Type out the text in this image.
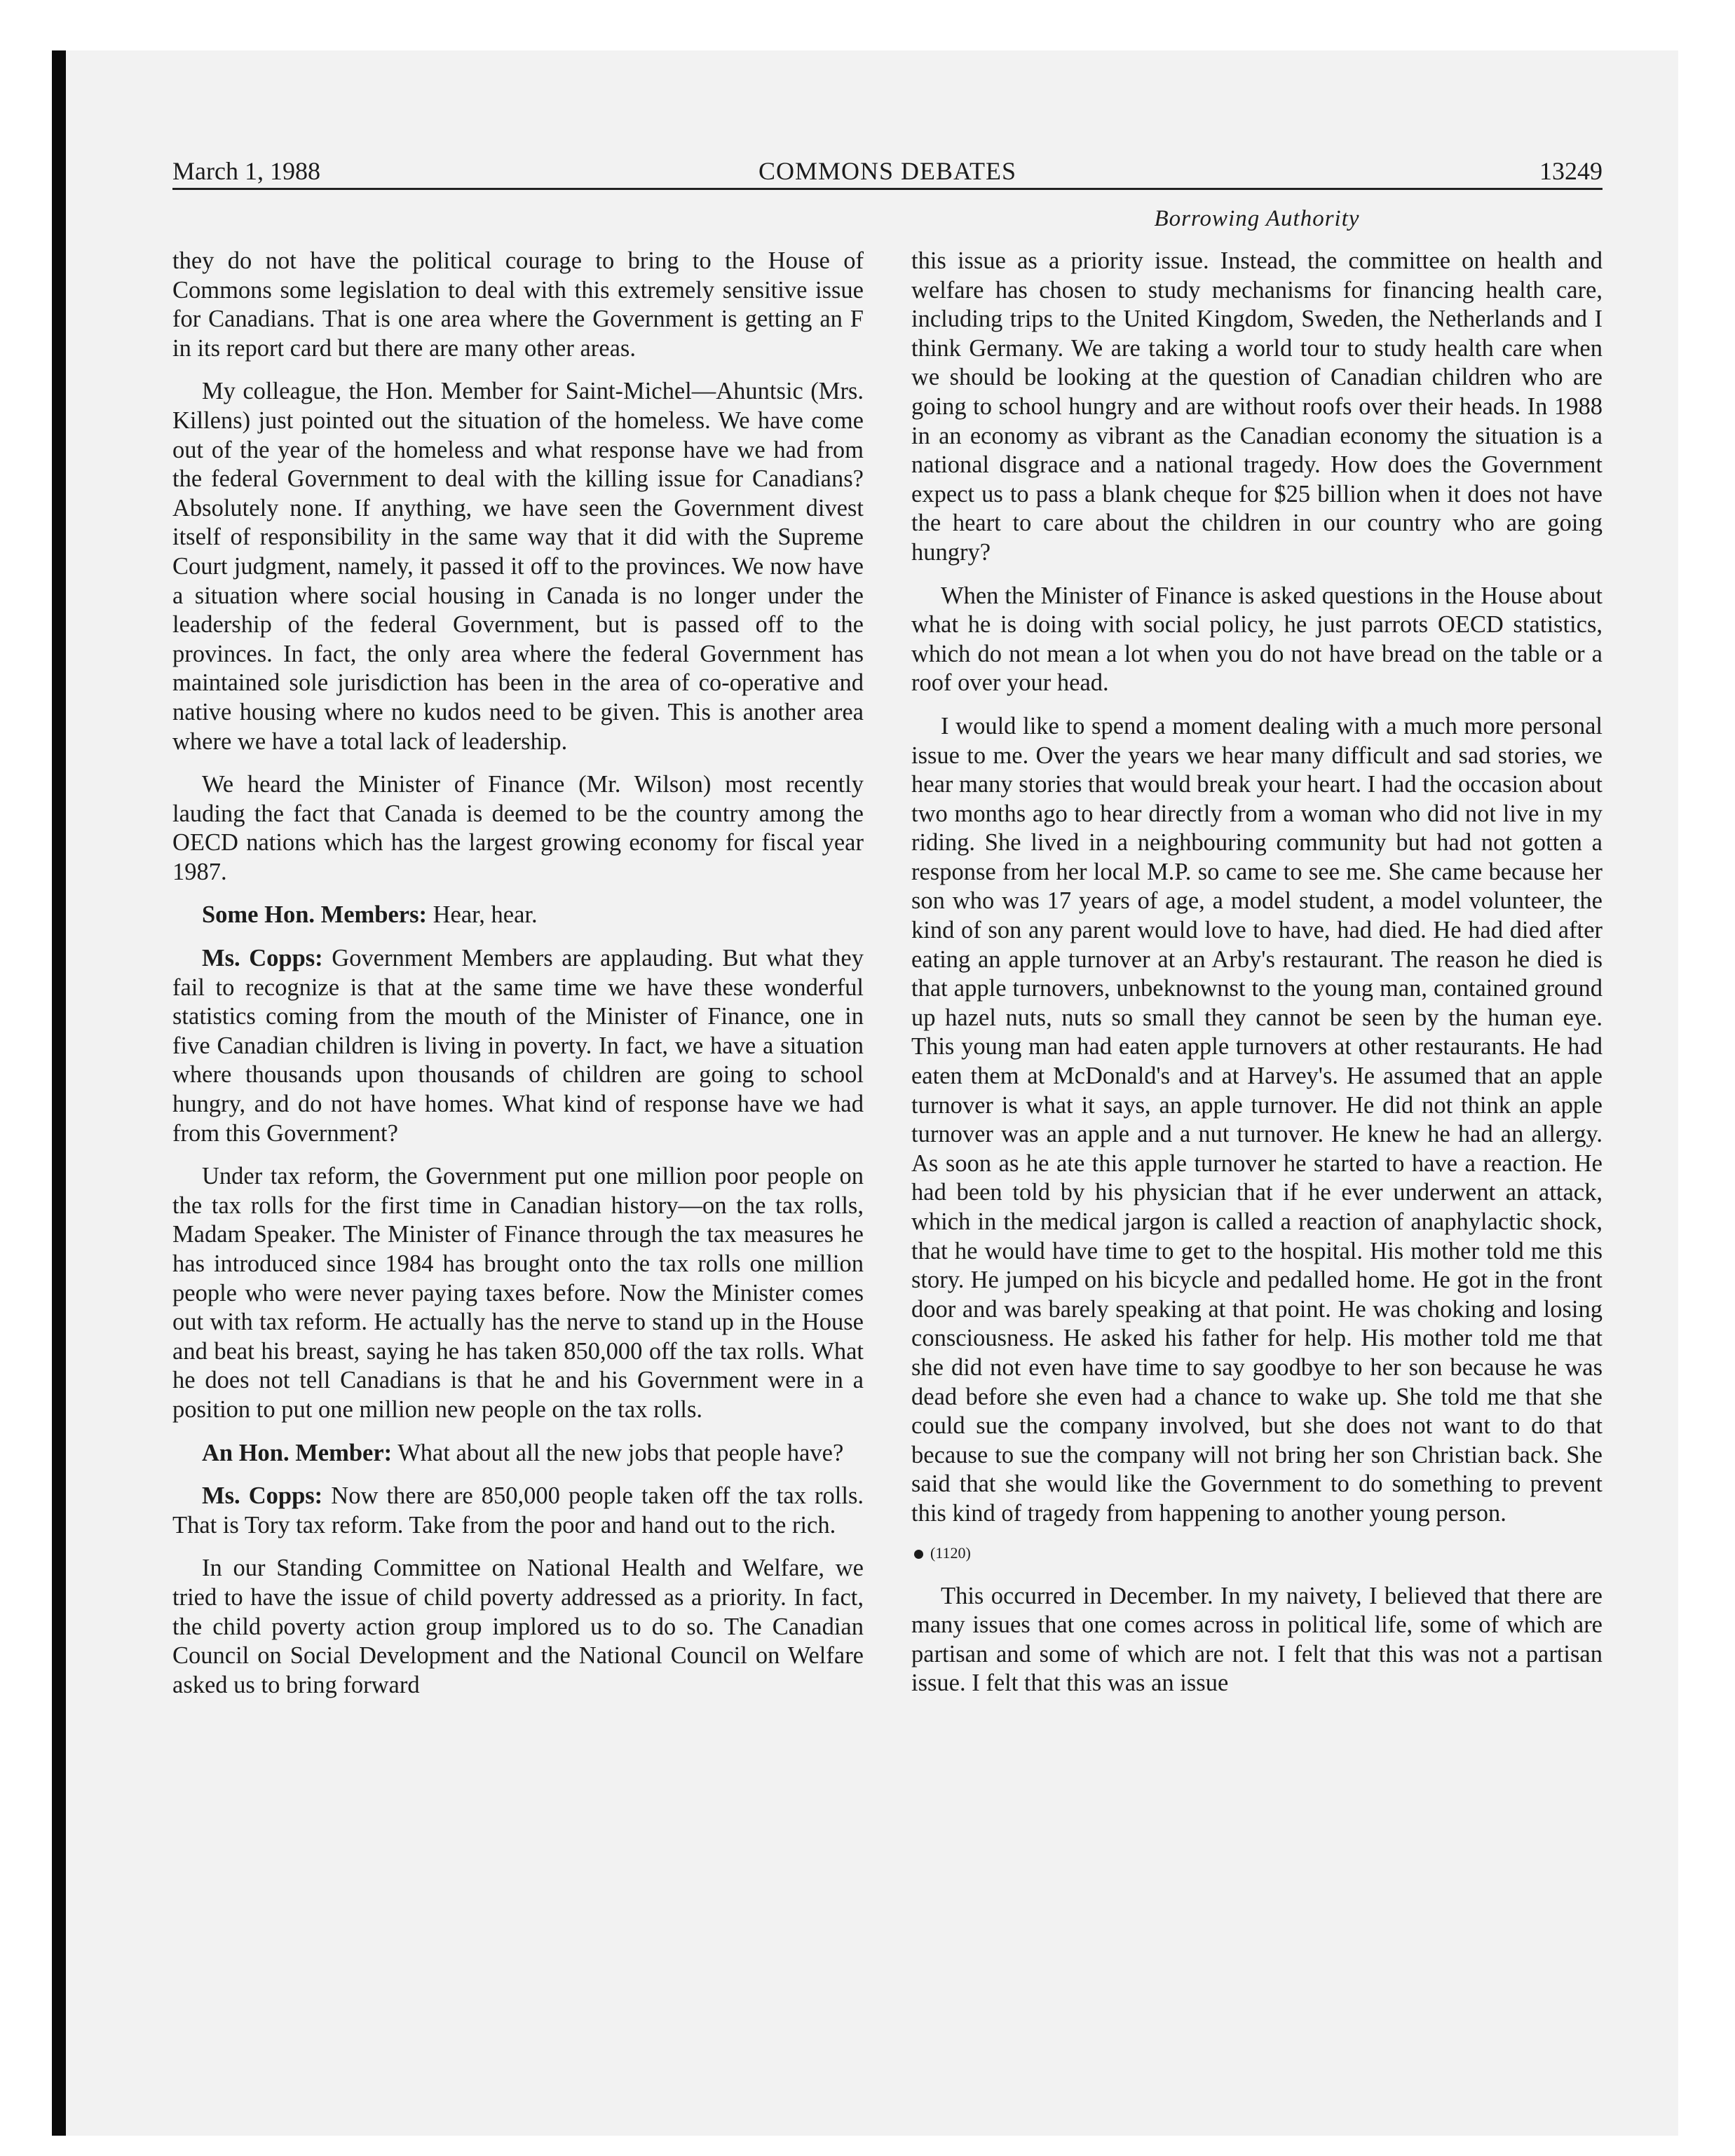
March 1, 1988	COMMONS DEBATES	13249
Borrowing Authority

they do not have the political courage to bring to the House of Commons some legislation to deal with this extremely sensitive issue for Canadians. That is one area where the Government is getting an F in its report card but there are many other areas.

My colleague, the Hon. Member for Saint-Michel—Ahuntsic (Mrs. Killens) just pointed out the situation of the homeless. We have come out of the year of the homeless and what response have we had from the federal Government to deal with the killing issue for Canadians? Absolutely none. If anything, we have seen the Government divest itself of responsibility in the same way that it did with the Supreme Court judgment, namely, it passed it off to the provinces. We now have a situation where social housing in Canada is no longer under the leadership of the federal Government, but is passed off to the provinces. In fact, the only area where the federal Government has maintained sole jurisdiction has been in the area of co-operative and native housing where no kudos need to be given. This is another area where we have a total lack of leadership.

We heard the Minister of Finance (Mr. Wilson) most recently lauding the fact that Canada is deemed to be the country among the OECD nations which has the largest growing economy for fiscal year 1987.

Some Hon. Members: Hear, hear.

Ms. Copps: Government Members are applauding. But what they fail to recognize is that at the same time we have these wonderful statistics coming from the mouth of the Minister of Finance, one in five Canadian children is living in poverty. In fact, we have a situation where thousands upon thousands of children are going to school hungry, and do not have homes. What kind of response have we had from this Government?

Under tax reform, the Government put one million poor people on the tax rolls for the first time in Canadian history—on the tax rolls, Madam Speaker. The Minister of Finance through the tax measures he has introduced since 1984 has brought onto the tax rolls one million people who were never paying taxes before. Now the Minister comes out with tax reform. He actually has the nerve to stand up in the House and beat his breast, saying he has taken 850,000 off the tax rolls. What he does not tell Canadians is that he and his Government were in a position to put one million new people on the tax rolls.

An Hon. Member: What about all the new jobs that people have?

Ms. Copps: Now there are 850,000 people taken off the tax rolls. That is Tory tax reform. Take from the poor and hand out to the rich.

In our Standing Committee on National Health and Welfare, we tried to have the issue of child poverty addressed as a priority. In fact, the child poverty action group implored us to do so. The Canadian Council on Social Development and the National Council on Welfare asked us to bring forward

this issue as a priority issue. Instead, the committee on health and welfare has chosen to study mechanisms for financing health care, including trips to the United Kingdom, Sweden, the Netherlands and I think Germany. We are taking a world tour to study health care when we should be looking at the question of Canadian children who are going to school hungry and are without roofs over their heads. In 1988 in an economy as vibrant as the Canadian economy the situation is a national disgrace and a national tragedy. How does the Government expect us to pass a blank cheque for $25 billion when it does not have the heart to care about the children in our country who are going hungry?

When the Minister of Finance is asked questions in the House about what he is doing with social policy, he just parrots OECD statistics, which do not mean a lot when you do not have bread on the table or a roof over your head.

I would like to spend a moment dealing with a much more personal issue to me. Over the years we hear many difficult and sad stories, we hear many stories that would break your heart. I had the occasion about two months ago to hear directly from a woman who did not live in my riding. She lived in a neighbouring community but had not gotten a response from her local M.P. so came to see me. She came because her son who was 17 years of age, a model student, a model volunteer, the kind of son any parent would love to have, had died. He had died after eating an apple turnover at an Arby's restaurant. The reason he died is that apple turnovers, unbeknownst to the young man, contained ground up hazel nuts, nuts so small they cannot be seen by the human eye. This young man had eaten apple turnovers at other restaurants. He had eaten them at McDonald's and at Harvey's. He assumed that an apple turnover is what it says, an apple turnover. He did not think an apple turnover was an apple and a nut turnover. He knew he had an allergy. As soon as he ate this apple turnover he started to have a reaction. He had been told by his physician that if he ever underwent an attack, which in the medical jargon is called a reaction of anaphylactic shock, that he would have time to get to the hospital. His mother told me this story. He jumped on his bicycle and pedalled home. He got in the front door and was barely speaking at that point. He was choking and losing consciousness. He asked his father for help. His mother told me that she did not even have time to say goodbye to her son because he was dead before she even had a chance to wake up. She told me that she could sue the company involved, but she does not want to do that because to sue the company will not bring her son Christian back. She said that she would like the Government to do something to prevent this kind of tragedy from happening to another young person.

(1120)

This occurred in December. In my naivety, I believed that there are many issues that one comes across in political life, some of which are partisan and some of which are not. I felt that this was not a partisan issue. I felt that this was an issue
